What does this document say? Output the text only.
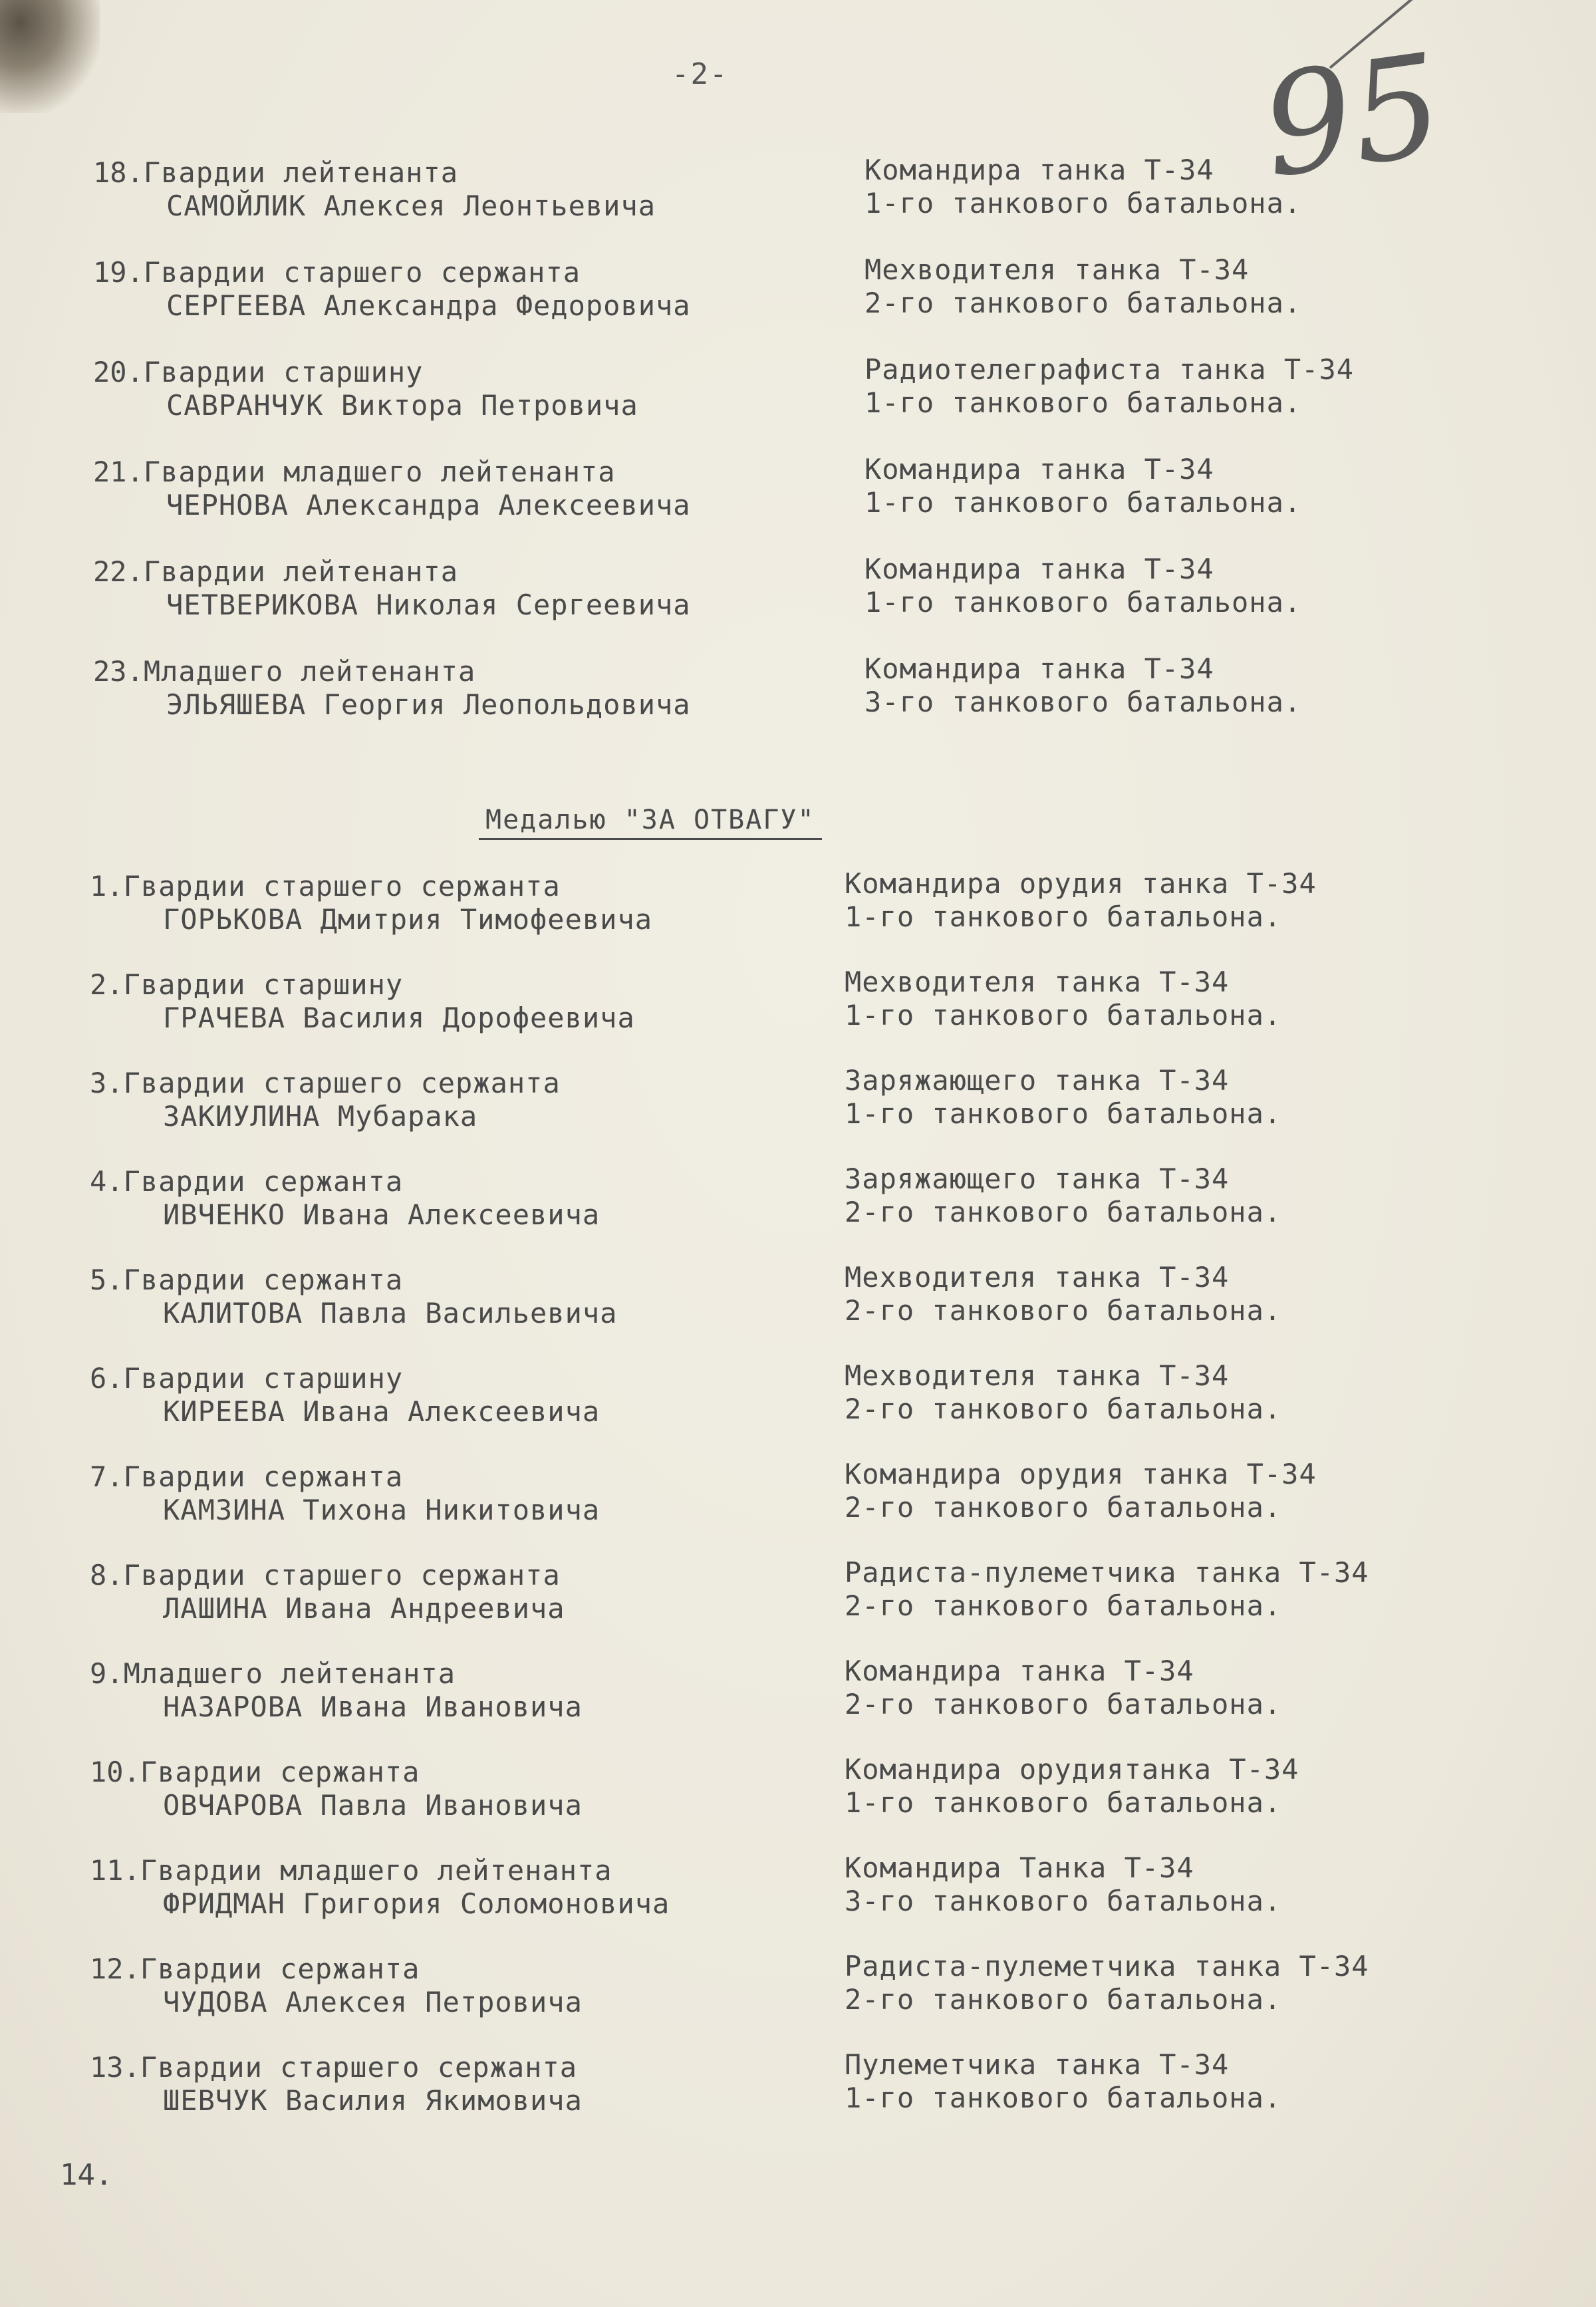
-2-	95
18.Гвардии лейтенанта
САМОЙЛИК Алексея Леонтьевича
Командира танка Т-34
1-го танкового батальона.
19.Гвардии старшего сержанта
СЕРГЕЕВА Александра Федоровича
Мехводителя танка Т-34
2-го танкового батальона.
20.Гвардии старшину
САВРАНЧУК Виктора Петровича
Радиотелеграфиста танка Т-34
1-го танкового батальона.
21.Гвардии младшего лейтенанта
ЧЕРНОВА Александра Алексеевича
Командира танка Т-34
1-го танкового батальона.
22.Гвардии лейтенанта
ЧЕТВЕРИКОВА Николая Сергеевича
Командира танка Т-34
1-го танкового батальона.
23.Младшего лейтенанта
ЭЛЬЯШЕВА Георгия Леопольдовича
Командира танка Т-34
3-го танкового батальона.
Медалью "ЗА ОТВАГУ"
1.Гвардии старшего сержанта
ГОРЬКОВА Дмитрия Тимофеевича
Командира орудия танка Т-34
1-го танкового батальона.
2.Гвардии старшину
ГРАЧЕВА Василия Дорофеевича
Мехводителя танка Т-34
1-го танкового батальона.
3.Гвардии старшего сержанта
ЗАКИУЛИНА Мубарака
Заряжающего танка Т-34
1-го танкового батальона.
4.Гвардии сержанта
ИВЧЕНКО Ивана Алексеевича
Заряжающего танка Т-34
2-го танкового батальона.
5.Гвардии сержанта
КАЛИТОВА Павла Васильевича
Мехводителя танка Т-34
2-го танкового батальона.
6.Гвардии старшину
КИРЕЕВА Ивана Алексеевича
Мехводителя танка Т-34
2-го танкового батальона.
7.Гвардии сержанта
КАМЗИНА Тихона Никитовича
Командира орудия танка Т-34
2-го танкового батальона.
8.Гвардии старшего сержанта
ЛАШИНА Ивана Андреевича
Радиста-пулеметчика танка Т-34
2-го танкового батальона.
9.Младшего лейтенанта
НАЗАРОВА Ивана Ивановича
Командира танка Т-34
2-го танкового батальона.
10.Гвардии сержанта
ОВЧАРОВА Павла Ивановича
Командира орудиятанка Т-34
1-го танкового батальона.
11.Гвардии младшего лейтенанта
ФРИДМАН Григория Соломоновича
Командира Танка Т-34
3-го танкового батальона.
12.Гвардии сержанта
ЧУДОВА Алексея Петровича
Радиста-пулеметчика танка Т-34
2-го танкового батальона.
13.Гвардии старшего сержанта
ШЕВЧУК Василия Якимовича
Пулеметчика танка Т-34
1-го танкового батальона.
14.
